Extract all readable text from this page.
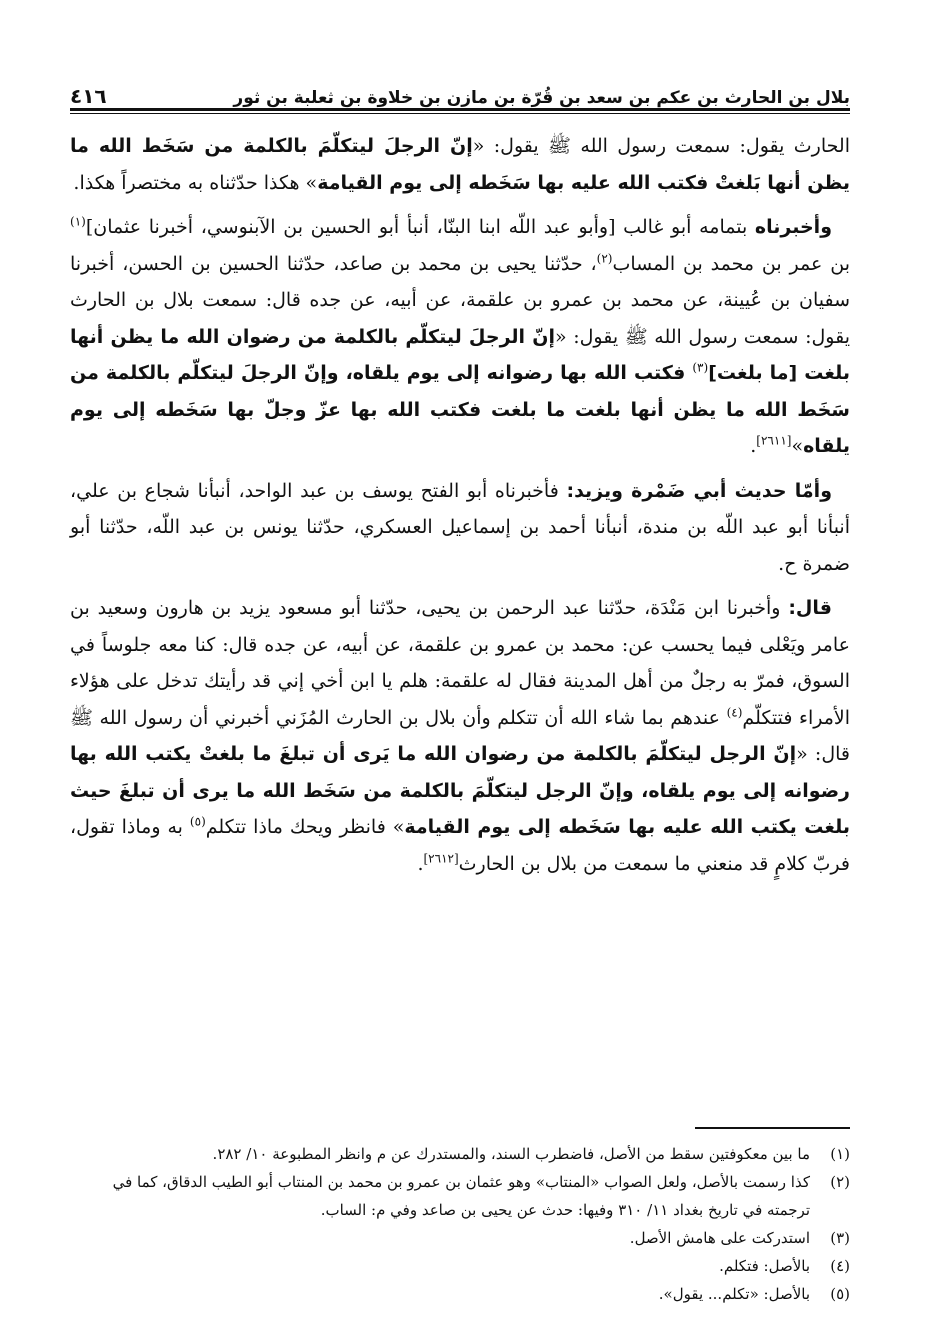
بلال بن الحارث بن عكم بن سعد بن قُرّة بن مازن بن خلاوة بن ثعلبة بن ثور
٤١٦

الحارث يقول: سمعت رسول الله ﷺ يقول: «إنّ الرجلَ ليتكلّمَ بالكلمة من سَخَط الله ما يظن أنها بَلغتْ فكتب الله عليه بها سَخَطه إلى يوم القيامة» هكذا حدّثناه به مختصراً هكذا.

وأخبرناه بتمامه أبو غالب [وأبو عبد اللّه ابنا البنّا، أنبأ أبو الحسين بن الآبنوسي، أخبرنا عثمان]$^{(١)}$ بن عمر بن محمد بن المساب$^{(٢)}$، حدّثنا يحيى بن محمد بن صاعد، حدّثنا الحسين بن الحسن، أخبرنا سفيان بن عُيينة، عن محمد بن عمرو بن علقمة، عن أبيه، عن جده قال: سمعت بلال بن الحارث يقول: سمعت رسول الله ﷺ يقول: «إنّ الرجلَ ليتكلّم بالكلمة من رضوان الله ما يظن أنها بلغت [ما بلغت]$^{(٣)}$ فكتب الله بها رضوانه إلى يوم يلقاه، وإنّ الرجلَ ليتكلّم بالكلمة من سَخَط الله ما يظن أنها بلغت ما بلغت فكتب الله بها عزّ وجلّ بها سَخَطه إلى يوم يلقاه»[٢٦١١].

وأمّا حديث أبي ضَمْرة ويزيد: فأخبرناه أبو الفتح يوسف بن عبد الواحد، أنبأنا شجاع بن علي، أنبأنا أبو عبد اللّه بن مندة، أنبأنا أحمد بن إسماعيل العسكري، حدّثنا يونس بن عبد اللّه، حدّثنا أبو ضمرة ح.

قال: وأخبرنا ابن مَنْدَة، حدّثنا عبد الرحمن بن يحيى، حدّثنا أبو مسعود يزيد بن هارون وسعيد بن عامر ويَعْلى فيما يحسب عن: محمد بن عمرو بن علقمة، عن أبيه، عن جده قال: كنا معه جلوساً في السوق، فمرّ به رجلٌ من أهل المدينة فقال له علقمة: هلم يا ابن أخي إني قد رأيتك تدخل على هؤلاء الأمراء فتتكلّم$^{(٤)}$ عندهم بما شاء الله أن تتكلم وأن بلال بن الحارث المُزَني أخبرني أن رسول الله ﷺ قال: «إنّ الرجل ليتكلّمَ بالكلمة من رضوان الله ما يَرى أن تبلغَ ما بلغتْ يكتب الله بها رضوانه إلى يوم يلقاه، وإنّ الرجل ليتكلّمَ بالكلمة من سَخَط الله ما يرى أن تبلغَ حيث بلغت يكتب الله عليه بها سَخَطه إلى يوم القيامة» فانظر ويحك ماذا تتكلم$^{(٥)}$ به وماذا تقول، فربّ كلامٍ قد منعني ما سمعت من بلال بن الحارث[٢٦١٢].

(١)
ما بين معكوفتين سقط من الأصل، فاضطرب السند، والمستدرك عن م وانظر المطبوعة ١٠/ ٢٨٢.
(٢)
كذا رسمت بالأصل، ولعل الصواب «المنتاب» وهو عثمان بن عمرو بن محمد بن المنتاب أبو الطيب الدقاق، كما في ترجمته في تاريخ بغداد ١١/ ٣١٠ وفيها: حدث عن يحيى بن صاعد وفي م: الساب.
(٣)
استدركت على هامش الأصل.
(٤)
بالأصل: فتكلم.
(٥)
بالأصل: «تكلم... يقول».
